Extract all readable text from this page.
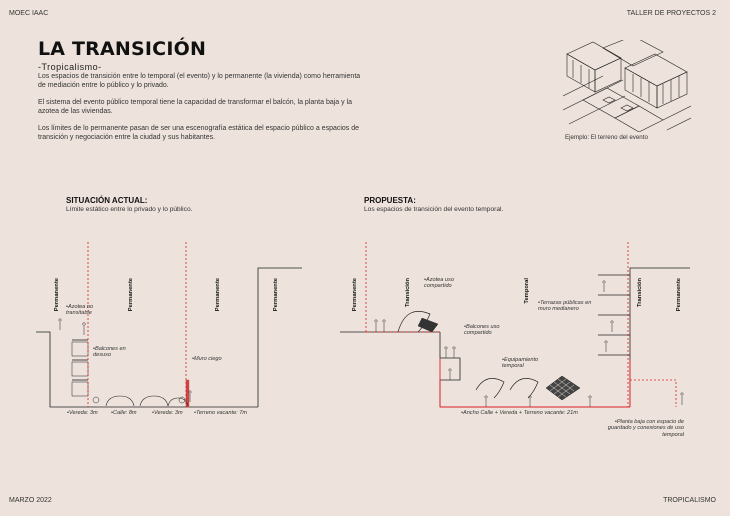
MOEC IAAC	TALLER DE PROYECTOS 2
MARZO 2022	TROPICALISMO
LA TRANSICIÓN
-Tropicalismo-
Los espacios de transición entre lo temporal (el evento) y lo permanente (la vivienda) como herramienta de mediación entre lo público y lo privado.
El sistema del evento público temporal tiene la capacidad de transformar el balcón, la planta baja y la azotea de las viviendas.
Los límites de lo permanente pasan de ser una escenografía estática del espacio público a espacios de transición y negociación entre la ciudad y sus habitantes.	Ejemplo: El terreno del evento
SITUACIÓN ACTUAL:
Límite estático entre lo privado y lo público.
Permanente	Permanente	Permanente	Permanente
•Azotea no transitable
•Balcones en desuso
•Muro ciego
•Vereda: 3m •Calle: 8m	•Vereda: 3m •Terreno vacante: 7m
PROPUESTA:
Los espacios de transición del evento temporal.
Permanente	Transición	Temporal	Transición	Permanente
•Azotea uso compartido
•Balcones uso compartido
•Terrazas públicas en muro medianero
•Equipamiento temporal
•Ancho Calle + Vereda + Terreno vacante: 21m
•Planta baja con espacio de guardado y conexiones de uso temporal
